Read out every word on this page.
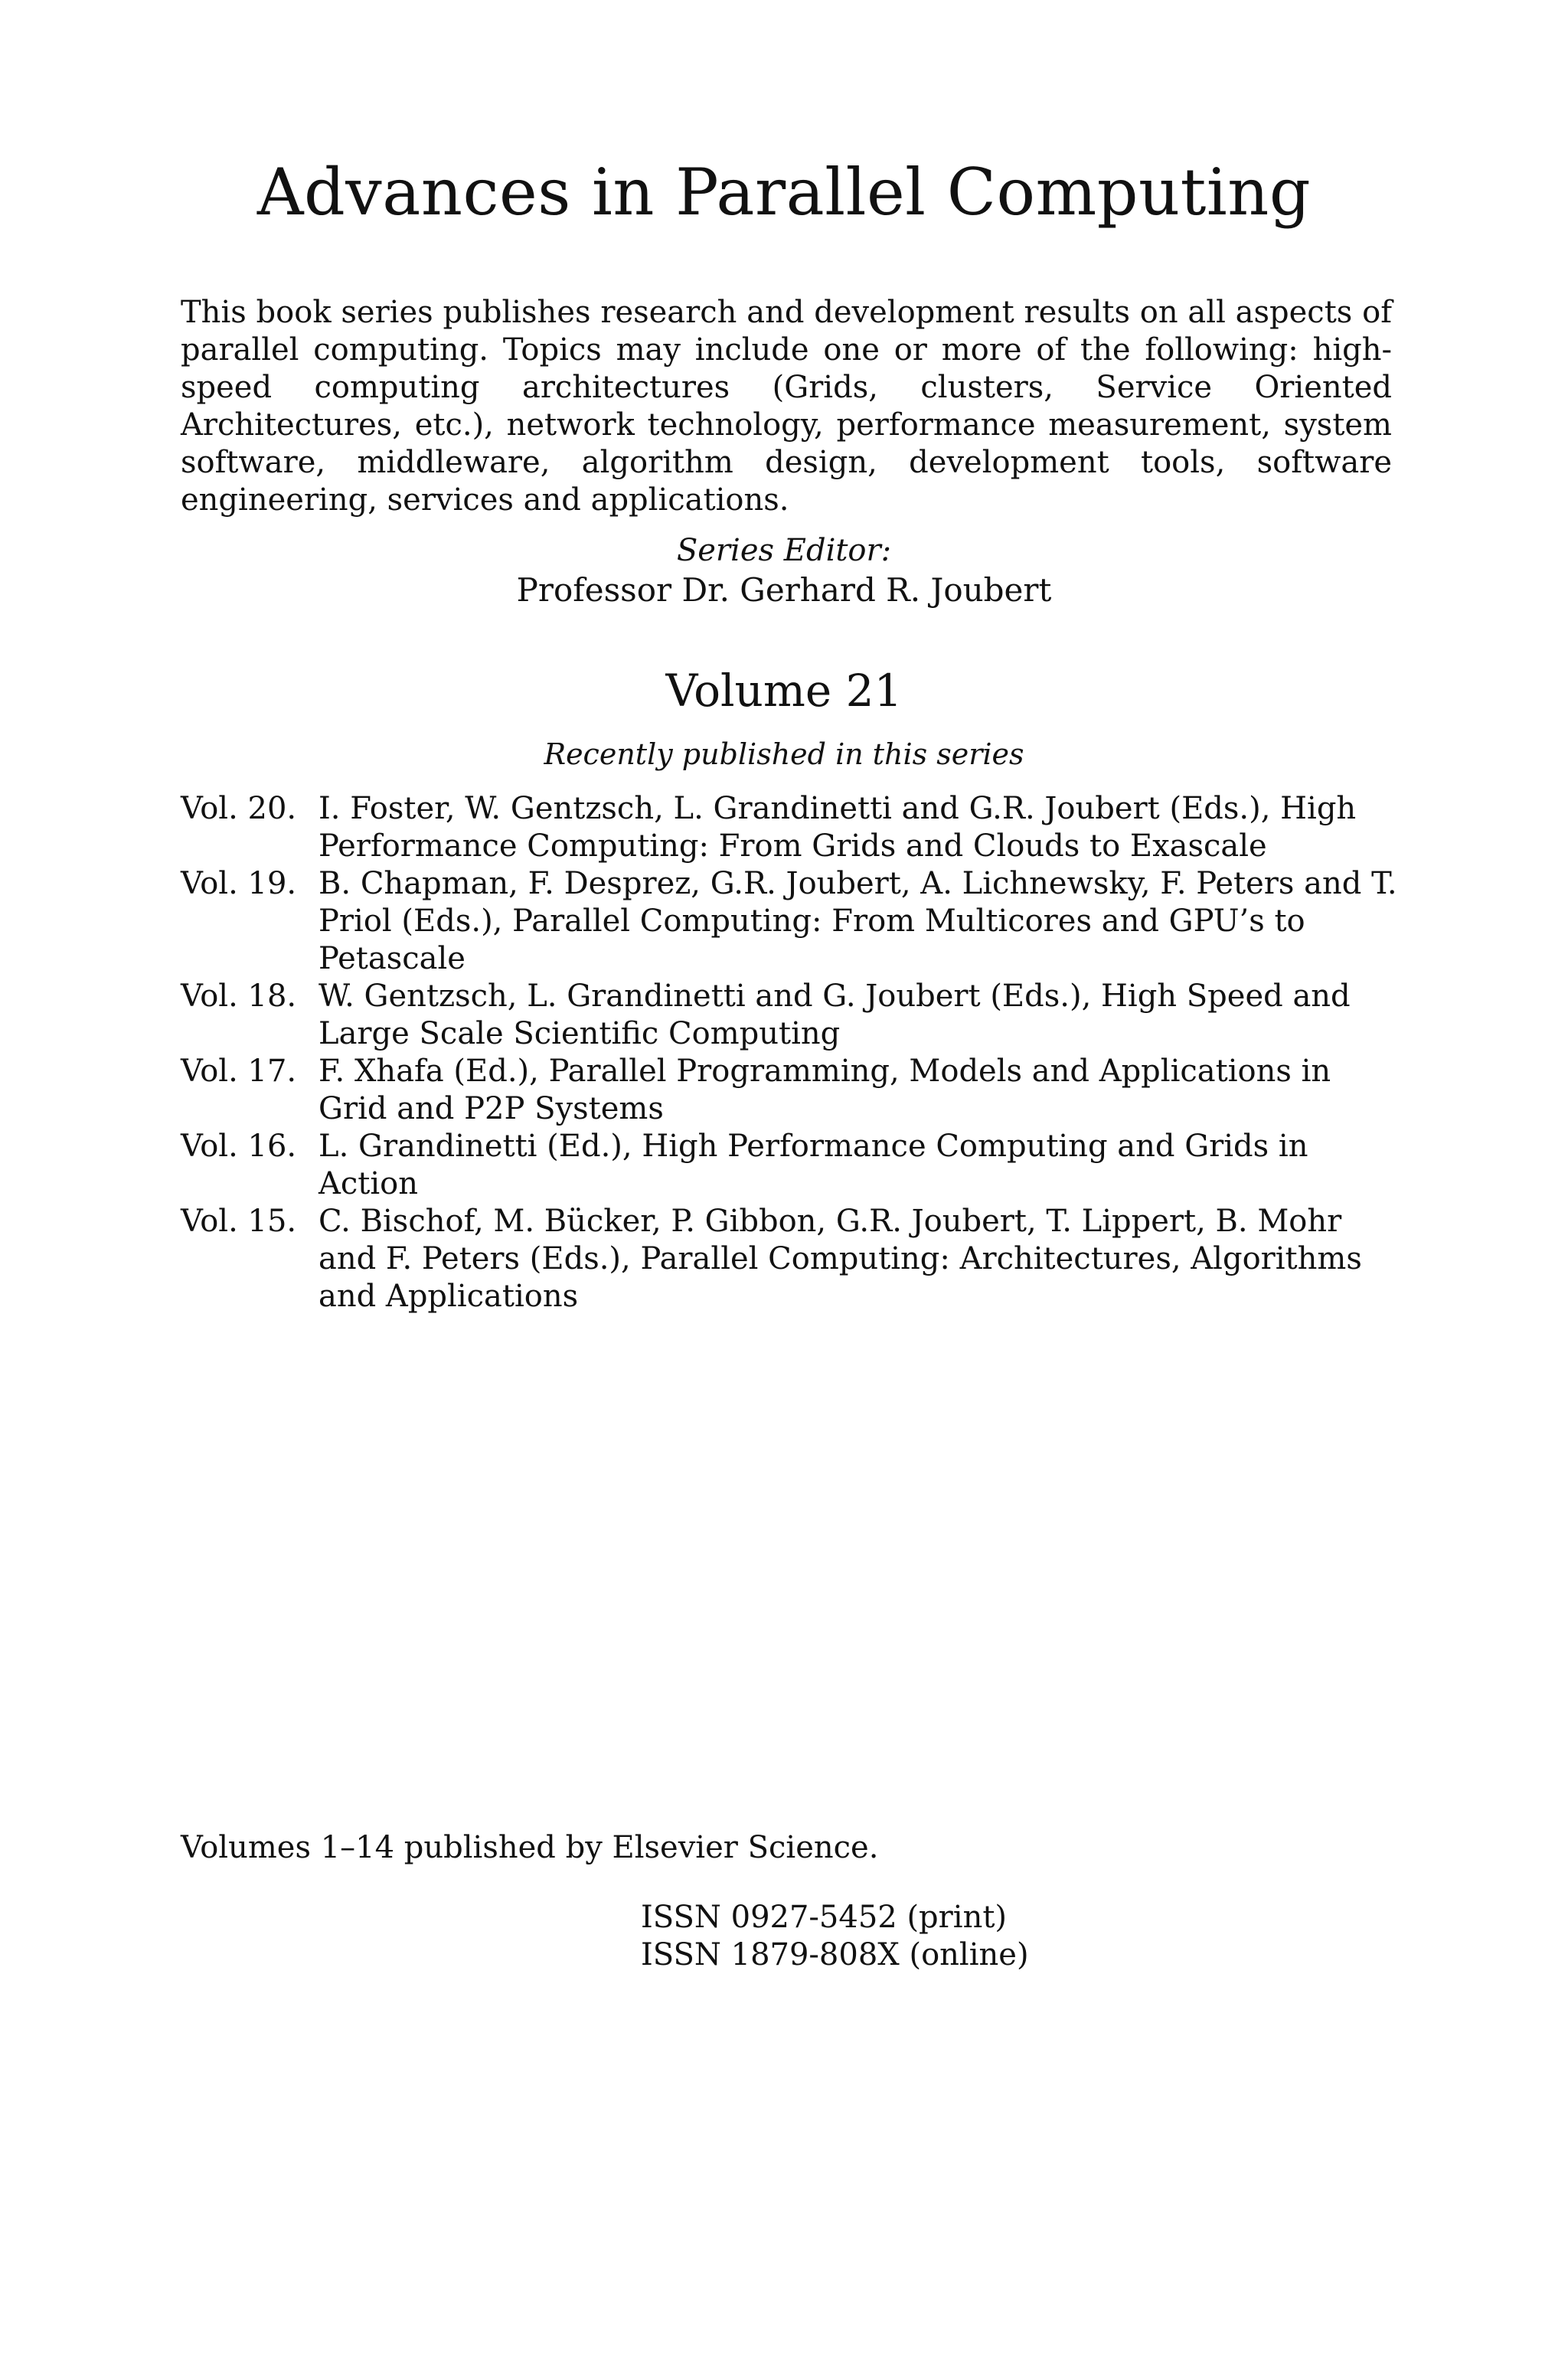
Advances in Parallel Computing

This book series publishes research and development results on all aspects of parallel computing. Topics may include one or more of the following: high-speed computing architectures (Grids, clusters, Service Oriented Architectures, etc.), network technology, performance measurement, system software, middleware, algorithm design, development tools, software engineering, services and applications.

Series Editor:
Professor Dr. Gerhard R. Joubert
Volume 21
Recently published in this series
Vol. 20. I. Foster, W. Gentzsch, L. Grandinetti and G.R. Joubert (Eds.), High Performance Computing: From Grids and Clouds to Exascale
Vol. 19. B. Chapman, F. Desprez, G.R. Joubert, A. Lichnewsky, F. Peters and T. Priol (Eds.), Parallel Computing: From Multicores and GPU’s to Petascale
Vol. 18. W. Gentzsch, L. Grandinetti and G. Joubert (Eds.), High Speed and Large Scale Scientific Computing
Vol. 17. F. Xhafa (Ed.), Parallel Programming, Models and Applications in Grid and P2P Systems
Vol. 16. L. Grandinetti (Ed.), High Performance Computing and Grids in Action
Vol. 15. C. Bischof, M. Bücker, P. Gibbon, G.R. Joubert, T. Lippert, B. Mohr and F. Peters (Eds.), Parallel Computing: Architectures, Algorithms and Applications
Volumes 1–14 published by Elsevier Science.
ISSN 0927-5452 (print)
ISSN 1879-808X (online)
